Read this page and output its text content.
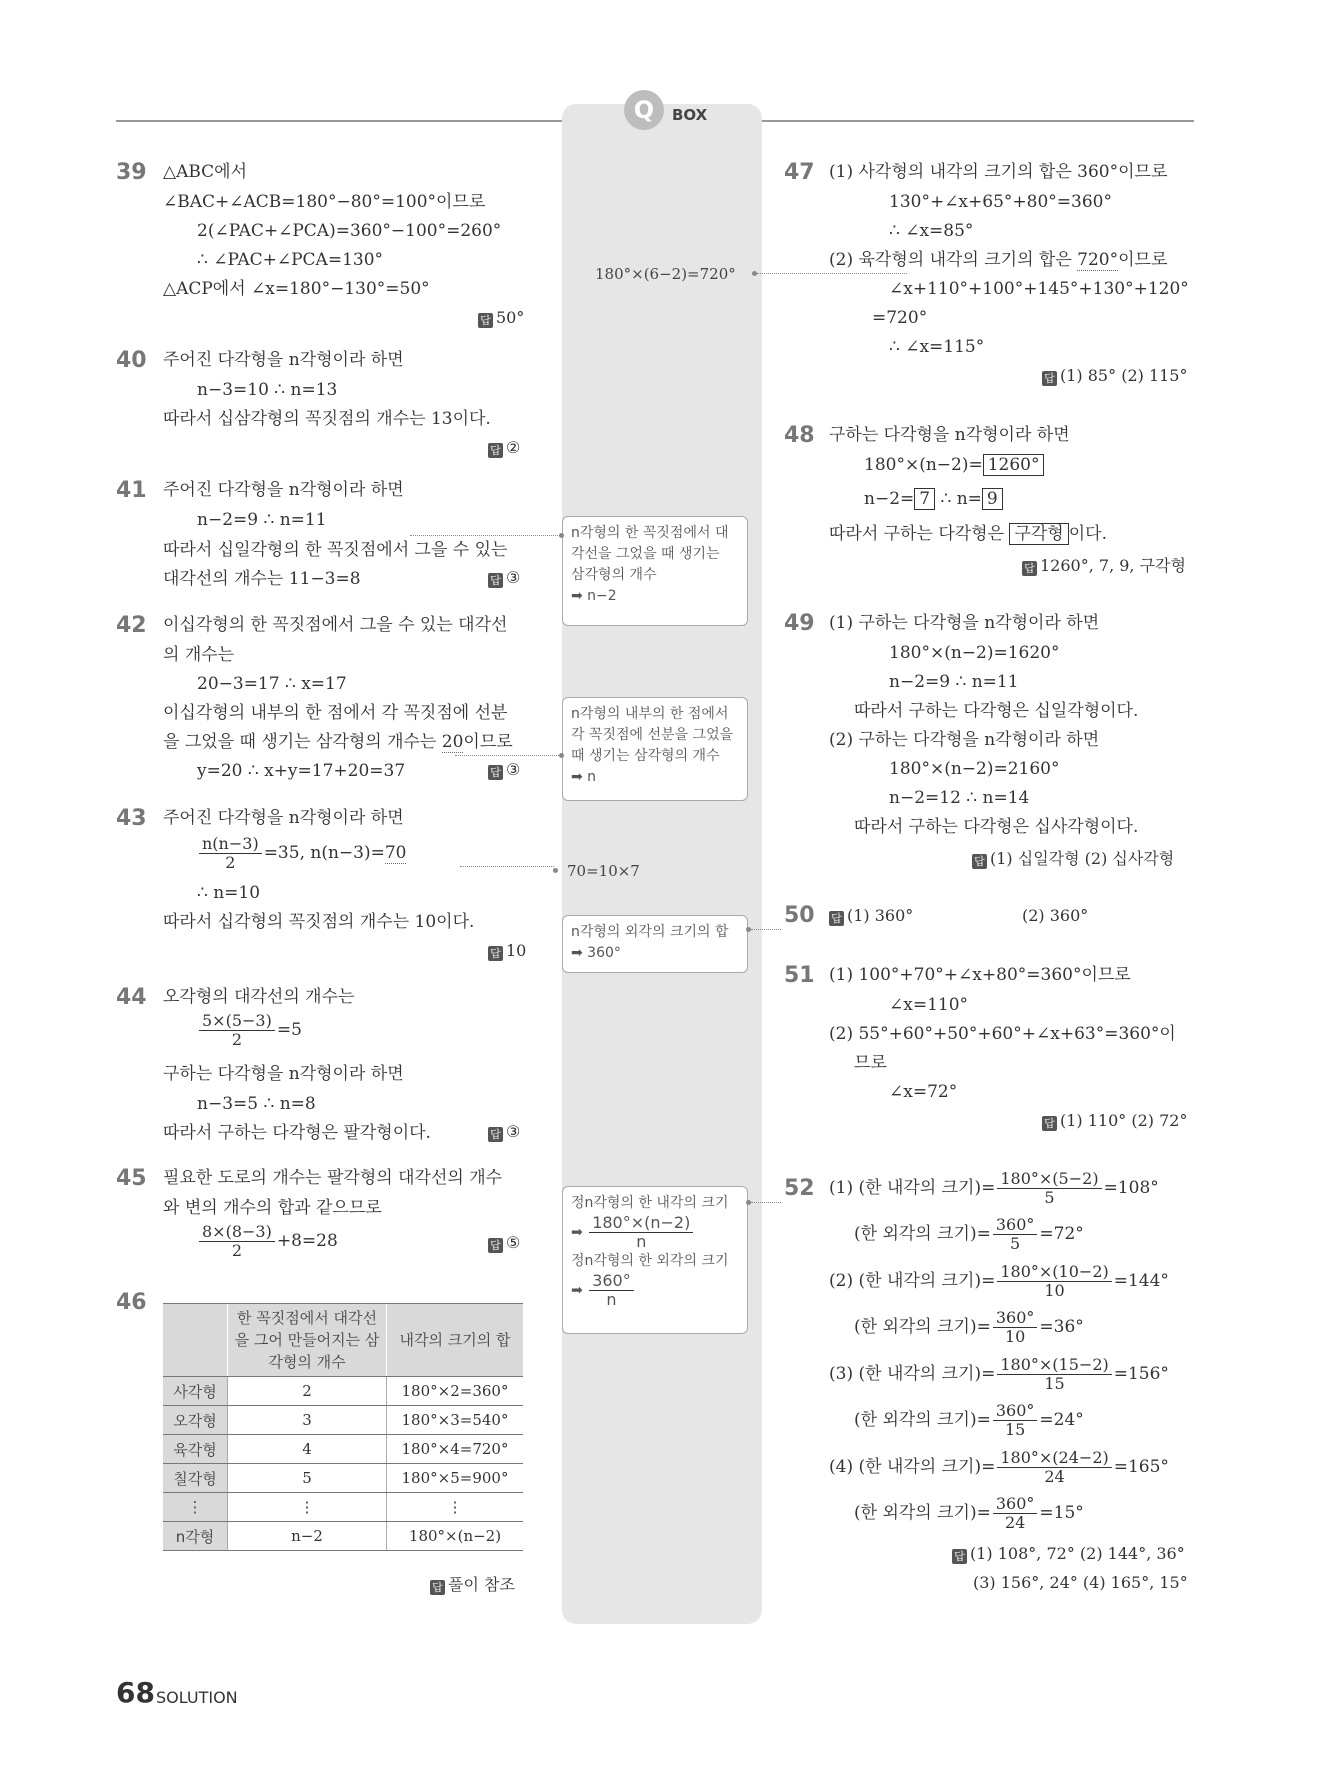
Q	BOX
39 △ABC에서
∠BAC+∠ACB=180°−80°=100°이므로
2(∠PAC+∠PCA)=360°−100°=260°
∴ ∠PAC+∠PCA=130°
△ACP에서 ∠x=180°−130°=50°
답 50°
40 주어진 다각형을 n각형이라 하면
n−3=10 ∴ n=13
따라서 십삼각형의 꼭짓점의 개수는 13이다.
답 ②
41 주어진 다각형을 n각형이라 하면
n−2=9 ∴ n=11
따라서 십일각형의 한 꼭짓점에서 그을 수 있는
대각선의 개수는 11−3=8	답 ③
42 이십각형의 한 꼭짓점에서 그을 수 있는 대각선
의 개수는
20−3=17 ∴ x=17
이십각형의 내부의 한 점에서 각 꼭짓점에 선분
을 그었을 때 생기는 삼각형의 개수는 20이므로
y=20 ∴ x+y=17+20=37	답 ③
43 주어진 다각형을 n각형이라 하면
$\frac{n(n-3)}{2} =35$, n(n−3)=70
∴ n=10
따라서 십각형의 꼭짓점의 개수는 10이다.
답 10
44 오각형의 대각선의 개수는
$\frac{5\times(5-3)}{2} =5$
구하는 다각형을 n각형이라 하면
n−3=5 ∴ n=8
따라서 구하는 다각형은 팔각형이다.	답 ③
45 필요한 도로의 개수는 팔각형의 대각선의 개수
와 변의 개수의 합과 같으므로
$\frac{8\times(8-3)}{2} +8=28$	답 ⑤
46
	한 꼭짓점에서 대각선을 그어 만들어지는 삼각형의 개수	내각의 크기의 합
사각형	2	180°×2=360°
오각형	3	180°×3=540°
육각형	4	180°×4=720°
칠각형	5	180°×5=900°
⋮	⋮	⋮
n각형	n−2	180°×(n−2)
답 풀이 참조
47 (1) 사각형의 내각의 크기의 합은 360°이므로
130°+∠x+65°+80°=360°
∴ ∠x=85°
(2) 육각형의 내각의 크기의 합은 720°이므로
∠x+110°+100°+145°+130°+120°
=720°
∴ ∠x=115°
답 (1) 85° (2) 115°
48 구하는 다각형을 n각형이라 하면
180°×(n−2)= 1260°
n−2= 7 ∴ n= 9
따라서 구하는 다각형은 구각형 이다.
답 1260°, 7, 9, 구각형
49 (1) 구하는 다각형을 n각형이라 하면
180°×(n−2)=1620°
n−2=9 ∴ n=11
따라서 구하는 다각형은 십일각형이다.
(2) 구하는 다각형을 n각형이라 하면
180°×(n−2)=2160°
n−2=12 ∴ n=14
따라서 구하는 다각형은 십사각형이다.
답 (1) 십일각형 (2) 십사각형
50 답 (1) 360°	(2) 360°
51 (1) 100°+70°+∠x+80°=360°이므로
∠x=110°
(2) 55°+60°+50°+60°+∠x+63°=360°이
므로
∠x=72°
답 (1) 110° (2) 72°
52 (1) (한 내각의 크기)= $\frac{180^\circ\times(5-2)}{5} =108^\circ$
(한 외각의 크기)= $\frac{360^\circ}{5} =72^\circ$
(2) (한 내각의 크기)= $\frac{180^\circ\times(10-2)}{10} =144^\circ$
(한 외각의 크기)= $\frac{360^\circ}{10} =36^\circ$
(3) (한 내각의 크기)= $\frac{180^\circ\times(15-2)}{15} =156^\circ$
(한 외각의 크기)= $\frac{360^\circ}{15} =24^\circ$
(4) (한 내각의 크기)= $\frac{180^\circ\times(24-2)}{24} =165^\circ$
(한 외각의 크기)= $\frac{360^\circ}{24} =15^\circ$
답 (1) 108°, 72° (2) 144°, 36°
(3) 156°, 24° (4) 165°, 15°
180°×(6−2)=720°
n각형의 한 꼭짓점에서 대
각선을 그었을 때 생기는
삼각형의 개수
➡ n−2
n각형의 내부의 한 점에서
각 꼭짓점에 선분을 그었을
때 생기는 삼각형의 개수
➡ n
70=10×7
n각형의 외각의 크기의 합
➡ 360°
정n각형의 한 내각의 크기
➡ $\frac{180^\circ\times(n-2)}{n}$
정n각형의 한 외각의 크기
➡ $\frac{360^\circ}{n}$
68 SOLUTION
